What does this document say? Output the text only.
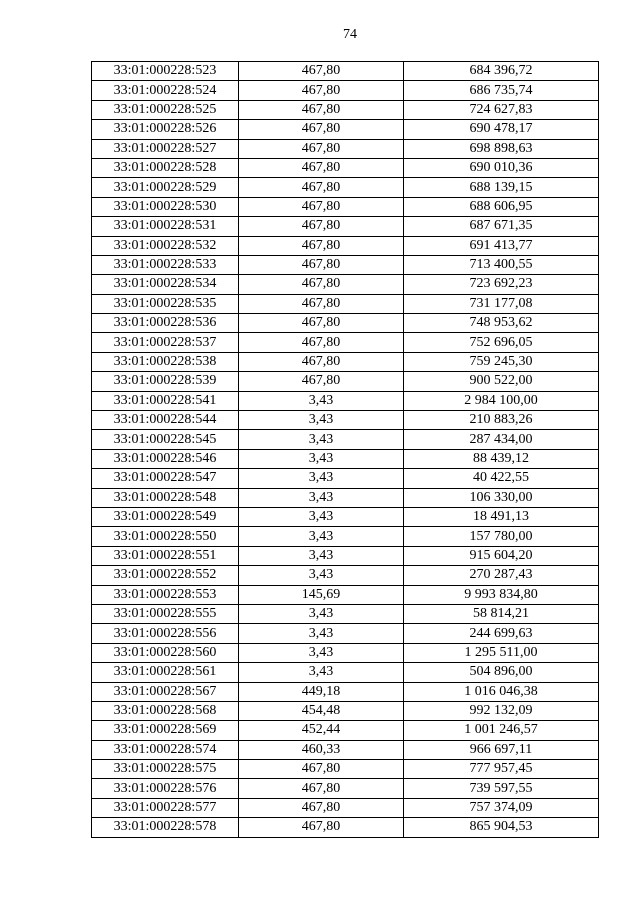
74
33:01:000228:523	467,80	684 396,72
33:01:000228:524	467,80	686 735,74
33:01:000228:525	467,80	724 627,83
33:01:000228:526	467,80	690 478,17
33:01:000228:527	467,80	698 898,63
33:01:000228:528	467,80	690 010,36
33:01:000228:529	467,80	688 139,15
33:01:000228:530	467,80	688 606,95
33:01:000228:531	467,80	687 671,35
33:01:000228:532	467,80	691 413,77
33:01:000228:533	467,80	713 400,55
33:01:000228:534	467,80	723 692,23
33:01:000228:535	467,80	731 177,08
33:01:000228:536	467,80	748 953,62
33:01:000228:537	467,80	752 696,05
33:01:000228:538	467,80	759 245,30
33:01:000228:539	467,80	900 522,00
33:01:000228:541	3,43	2 984 100,00
33:01:000228:544	3,43	210 883,26
33:01:000228:545	3,43	287 434,00
33:01:000228:546	3,43	88 439,12
33:01:000228:547	3,43	40 422,55
33:01:000228:548	3,43	106 330,00
33:01:000228:549	3,43	18 491,13
33:01:000228:550	3,43	157 780,00
33:01:000228:551	3,43	915 604,20
33:01:000228:552	3,43	270 287,43
33:01:000228:553	145,69	9 993 834,80
33:01:000228:555	3,43	58 814,21
33:01:000228:556	3,43	244 699,63
33:01:000228:560	3,43	1 295 511,00
33:01:000228:561	3,43	504 896,00
33:01:000228:567	449,18	1 016 046,38
33:01:000228:568	454,48	992 132,09
33:01:000228:569	452,44	1 001 246,57
33:01:000228:574	460,33	966 697,11
33:01:000228:575	467,80	777 957,45
33:01:000228:576	467,80	739 597,55
33:01:000228:577	467,80	757 374,09
33:01:000228:578	467,80	865 904,53
